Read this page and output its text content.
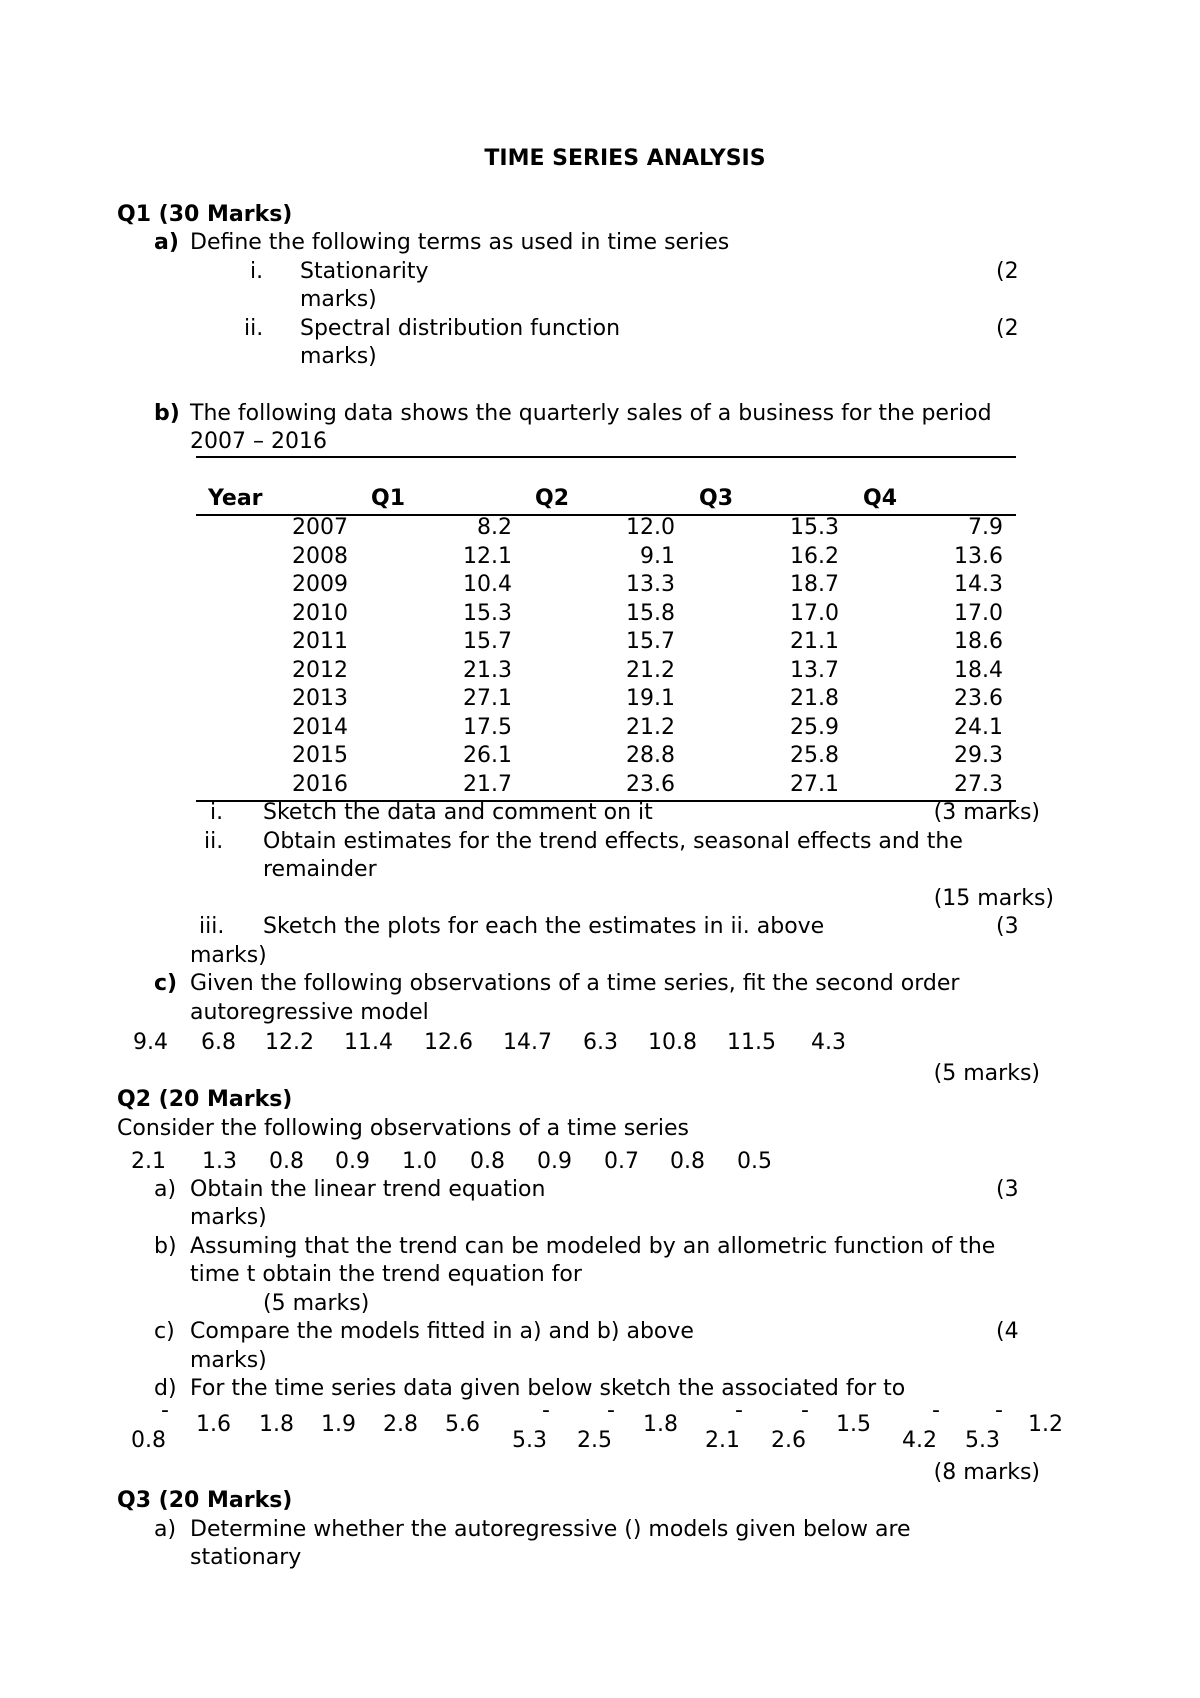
TIME SERIES ANALYSIS
Q1 (30 Marks)
a) Define the following terms as used in time series
i. Stationarity	(2
marks)
ii. Spectral distribution function	(2
marks)
b) The following data shows the quarterly sales of a business for the period
2007 – 2016
Year	Q1	Q2	Q3	Q4
2007	8.2	12.0	15.3	7.9
2008	12.1	9.1	16.2	13.6
2009	10.4	13.3	18.7	14.3
2010	15.3	15.8	17.0	17.0
2011	15.7	15.7	21.1	18.6
2012	21.3	21.2	13.7	18.4
2013	27.1	19.1	21.8	23.6
2014	17.5	21.2	25.9	24.1
2015	26.1	28.8	25.8	29.3
2016	21.7	23.6	27.1	27.3
i. Sketch the data and comment on it	(3 marks)
ii. Obtain estimates for the trend effects, seasonal effects and the
remainder
(15 marks)
iii. Sketch the plots for each the estimates in ii. above	(3
marks)
c) Given the following observations of a time series, fit the second order
autoregressive model
9.4 6.8 12.2 11.4 12.6 14.7 6.3 10.8 11.5 4.3
(5 marks)
Q2 (20 Marks)
Consider the following observations of a time series
2.1 1.3 0.8 0.9 1.0 0.8 0.9 0.7 0.8 0.5
a) Obtain the linear trend equation	(3
marks)
b) Assuming that the trend can be modeled by an allometric function of the
time t obtain the trend equation for
(5 marks)
c) Compare the models fitted in a) and b) above	(4
marks)
d) For the time series data given below sketch the associated for to
-
0.8
1.6 1.8 1.9 2.8 5.6
-
5.3
-
2.5
1.8
-
2.1
-
2.6
1.5
-
4.2
-
5.3
1.2
(8 marks)
Q3 (20 Marks)
a) Determine whether the autoregressive () models given below are
stationary
